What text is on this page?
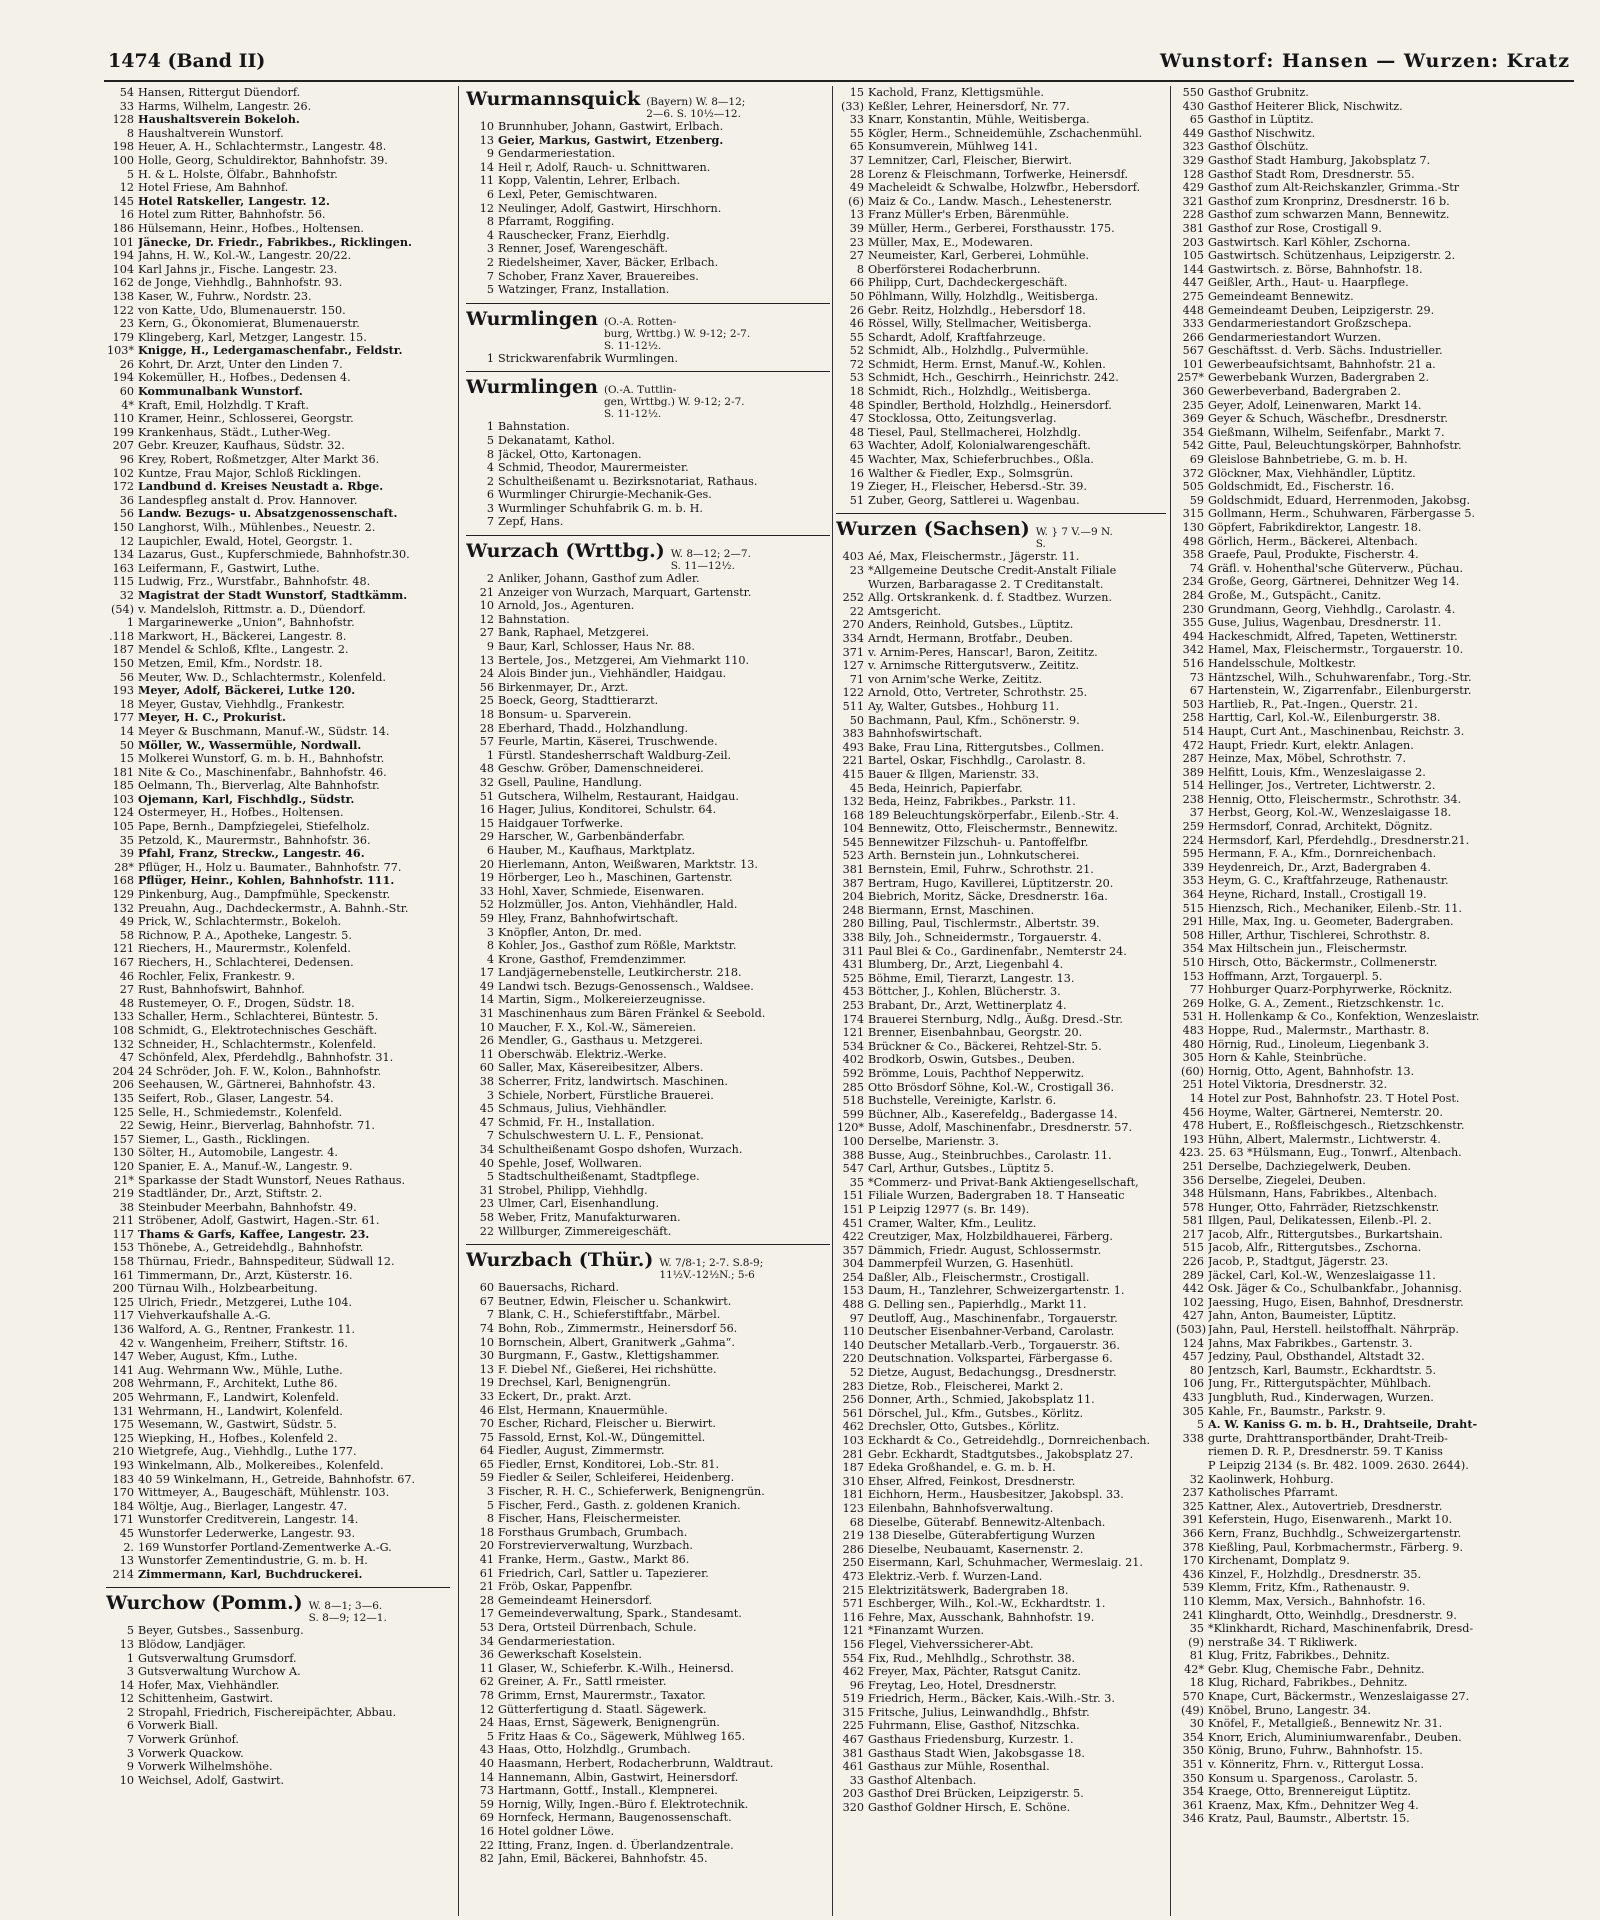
1474 (Band II)	Wunstorf: Hansen — Wurzen: Kratz
54 Hansen, Rittergut Düendorf.
33 Harms, Wilhelm, Langestr. 26.
128 Haushaltsverein Bokeloh.
8 Haushaltverein Wunstorf.
198 Heuer, A. H., Schlachtermstr., Langestr. 48.
100 Holle, Georg, Schuldirektor, Bahnhofstr. 39.
5 H. & L. Holste, Ölfabr., Bahnhofstr.
12 Hotel Friese, Am Bahnhof.
145 Hotel Ratskeller, Langestr. 12.
16 Hotel zum Ritter, Bahnhofstr. 56.
186 Hülsemann, Heinr., Hofbes., Holtensen.
101 Jänecke, Dr. Friedr., Fabrikbes., Ricklingen.
194 Jahns, H. W., Kol.-W., Langestr. 20/22.
104 Karl Jahns jr., Fische. Langestr. 23.
162 de Jonge, Viehhdlg., Bahnhofstr. 93.
138 Kaser, W., Fuhrw., Nordstr. 23.
122 von Katte, Udo, Blumenauerstr. 150.
23 Kern, G., Ökonomierat, Blumenauerstr.
179 Klingeberg, Karl, Metzger, Langestr. 15.
103* Knigge, H., Ledergamaschenfabr., Feldstr.
26 Kohrt, Dr. Arzt, Unter den Linden 7.
194 Kokemüller, H., Hofbes., Dedensen 4.
60 Kommunalbank Wunstorf.
4* Kraft, Emil, Holzhdlg. T Kraft.
110 Kramer, Heinr., Schlosserei, Georgstr.
199 Krankenhaus, Städt., Luther-Weg.
207 Gebr. Kreuzer, Kaufhaus, Südstr. 32.
96 Krey, Robert, Roßmetzger, Alter Markt 36.
102 Kuntze, Frau Major, Schloß Ricklingen.
172 Landbund d. Kreises Neustadt a. Rbge.
36 Landespfleg anstalt d. Prov. Hannover.
56 Landw. Bezugs- u. Absatzgenossenschaft.
150 Langhorst, Wilh., Mühlenbes., Neuestr. 2.
12 Laupichler, Ewald, Hotel, Georgstr. 1.
134 Lazarus, Gust., Kupferschmiede, Bahnhofstr.30.
163 Leifermann, F., Gastwirt, Luthe.
115 Ludwig, Frz., Wurstfabr., Bahnhofstr. 48.
32 Magistrat der Stadt Wunstorf, Stadtkämm.
(54) v. Mandelsloh, Rittmstr. a. D., Düendorf.
1 Margarinewerke „Union“, Bahnhofstr.
.118 Markwort, H., Bäckerei, Langestr. 8.
187 Mendel & Schloß, Kflte., Langestr. 2.
150 Metzen, Emil, Kfm., Nordstr. 18.
56 Meuter, Ww. D., Schlachtermstr., Kolenfeld.
193 Meyer, Adolf, Bäckerei, Lutke 120.
18 Meyer, Gustav, Viehhdlg., Frankestr.
177 Meyer, H. C., Prokurist.
14 Meyer & Buschmann, Manuf.-W., Südstr. 14.
50 Möller, W., Wassermühle, Nordwall.
15 Molkerei Wunstorf, G. m. b. H., Bahnhofstr.
181 Nite & Co., Maschinenfabr., Bahnhofstr. 46.
185 Oelmann, Th., Bierverlag, Alte Bahnhofstr.
103 Ojemann, Karl, Fischhdlg., Südstr.
124 Ostermeyer, H., Hofbes., Holtensen.
105 Pape, Bernh., Dampfziegelei, Stiefelholz.
35 Petzold, K., Maurermstr., Bahnhofstr. 36.
39 Pfahl, Franz, Streckw., Langestr. 46.
28* Pflüger, H., Holz u. Baumater., Bahnhofstr. 77.
168 Pflüger, Heinr., Kohlen, Bahnhofstr. 111.
129 Pinkenburg, Aug., Dampfmühle, Speckenstr.
132 Preuahn, Aug., Dachdeckermstr., A. Bahnh.-Str.
49 Prick, W., Schlachtermstr., Bokeloh.
58 Richnow, P. A., Apotheke, Langestr. 5.
121 Riechers, H., Maurermstr., Kolenfeld.
167 Riechers, H., Schlachterei, Dedensen.
46 Rochler, Felix, Frankestr. 9.
27 Rust, Bahnhofswirt, Bahnhof.
48 Rustemeyer, O. F., Drogen, Südstr. 18.
133 Schaller, Herm., Schlachterei, Büntestr. 5.
108 Schmidt, G., Elektrotechnisches Geschäft.
132 Schneider, H., Schlachtermstr., Kolenfeld.
47 Schönfeld, Alex, Pferdehdlg., Bahnhofstr. 31.
204 24 Schröder, Joh. F. W., Kolon., Bahnhofstr.
206 Seehausen, W., Gärtnerei, Bahnhofstr. 43.
135 Seifert, Rob., Glaser, Langestr. 54.
125 Selle, H., Schmiedemstr., Kolenfeld.
22 Sewig, Heinr., Bierverlag, Bahnhofstr. 71.
157 Siemer, L., Gasth., Ricklingen.
130 Sölter, H., Automobile, Langestr. 4.
120 Spanier, E. A., Manuf.-W., Langestr. 9.
21* Sparkasse der Stadt Wunstorf, Neues Rathaus.
219 Stadtländer, Dr., Arzt, Stiftstr. 2.
38 Steinbuder Meerbahn, Bahnhofstr. 49.
211 Ströbener, Adolf, Gastwirt, Hagen.-Str. 61.
117 Thams & Garfs, Kaffee, Langestr. 23.
153 Thönebe, A., Getreidehdlg., Bahnhofstr.
158 Thürnau, Friedr., Bahnspediteur, Südwall 12.
161 Timmermann, Dr., Arzt, Küsterstr. 16.
200 Türnau Wilh., Holzbearbeitung.
125 Ulrich, Friedr., Metzgerei, Luthe 104.
117 Viehverkaufshalle A.-G.
136 Walford, A. G., Rentner, Frankestr. 11.
42 v. Wangenheim, Freiherr, Stiftstr. 16.
147 Weber, August, Kfm., Luthe.
141 Aug. Wehrmann Ww., Mühle, Luthe.
208 Wehrmann, F., Architekt, Luthe 86.
205 Wehrmann, F., Landwirt, Kolenfeld.
131 Wehrmann, H., Landwirt, Kolenfeld.
175 Wesemann, W., Gastwirt, Südstr. 5.
125 Wiepking, H., Hofbes., Kolenfeld 2.
210 Wietgrefe, Aug., Viehhdlg., Luthe 177.
193 Winkelmann, Alb., Molkereibes., Kolenfeld.
183 40 59 Winkelmann, H., Getreide, Bahnhofstr. 67.
170 Wittmeyer, A., Baugeschäft, Mühlenstr. 103.
184 Wöltje, Aug., Bierlager, Langestr. 47.
171 Wunstorfer Creditverein, Langestr. 14.
45 Wunstorfer Lederwerke, Langestr. 93.
2. 169 Wunstorfer Portland-Zementwerke A.-G.
13 Wunstorfer Zementindustrie, G. m. b. H.
214 Zimmermann, Karl, Buchdruckerei.
Wurchow (Pomm.) W. 8—1; 3—6.
S. 8—9; 12—1.
5 Beyer, Gutsbes., Sassenburg.
13 Blödow, Landjäger.
1 Gutsverwaltung Grumsdorf.
3 Gutsverwaltung Wurchow A.
14 Hofer, Max, Viehhändler.
12 Schittenheim, Gastwirt.
2 Stropahl, Friedrich, Fischereipächter, Abbau.
6 Vorwerk Biall.
7 Vorwerk Grünhof.
3 Vorwerk Quackow.
9 Vorwerk Wilhelmshöhe.
10 Weichsel, Adolf, Gastwirt.
Wurmannsquick (Bayern) W. 8—12;
2—6. S. 10½—12.
10 Brunnhuber, Johann, Gastwirt, Erlbach.
13 Geier, Markus, Gastwirt, Etzenberg.
9 Gendarmeriestation.
14 Heil r, Adolf, Rauch- u. Schnittwaren.
11 Kopp, Valentin, Lehrer, Erlbach.
6 Lexl, Peter, Gemischtwaren.
12 Neulinger, Adolf, Gastwirt, Hirschhorn.
8 Pfarramt, Roggifing.
4 Rauschecker, Franz, Eierhdlg.
3 Renner, Josef, Warengeschäft.
2 Riedelsheimer, Xaver, Bäcker, Erlbach.
7 Schober, Franz Xaver, Brauereibes.
5 Watzinger, Franz, Installation.
Wurmlingen (O.-A. Rotten-
burg, Wrttbg.) W. 9-12; 2-7.
S. 11-12½.
1 Strickwarenfabrik Wurmlingen.
Wurmlingen (O.-A. Tuttlin-
gen, Wrttbg.) W. 9-12; 2-7.
S. 11-12½.
1 Bahnstation.
5 Dekanatamt, Kathol.
8 Jäckel, Otto, Kartonagen.
4 Schmid, Theodor, Maurermeister.
2 Schultheißenamt u. Bezirksnotariat, Rathaus.
6 Wurmlinger Chirurgie-Mechanik-Ges.
3 Wurmlinger Schuhfabrik G. m. b. H.
7 Zepf, Hans.
Wurzach (Wrttbg.) W. 8—12; 2—7.
S. 11—12½.
2 Anliker, Johann, Gasthof zum Adler.
21 Anzeiger von Wurzach, Marquart, Gartenstr.
10 Arnold, Jos., Agenturen.
12 Bahnstation.
27 Bank, Raphael, Metzgerei.
9 Baur, Karl, Schlosser, Haus Nr. 88.
13 Bertele, Jos., Metzgerei, Am Viehmarkt 110.
24 Alois Binder jun., Viehhändler, Haidgau.
56 Birkenmayer, Dr., Arzt.
25 Boeck, Georg, Stadttierarzt.
18 Bonsum- u. Sparverein.
28 Eberhard, Thadd., Holzhandlung.
57 Feurle, Martin, Käserei, Truschwende.
1 Fürstl. Standesherrschaft Waldburg-Zeil.
48 Geschw. Gröber, Damenschneiderei.
32 Gsell, Pauline, Handlung.
51 Gutschera, Wilhelm, Restaurant, Haidgau.
16 Hager, Julius, Konditorei, Schulstr. 64.
15 Haidgauer Torfwerke.
29 Harscher, W., Garbenbänderfabr.
6 Hauber, M., Kaufhaus, Marktplatz.
20 Hierlemann, Anton, Weißwaren, Marktstr. 13.
19 Hörberger, Leo h., Maschinen, Gartenstr.
33 Hohl, Xaver, Schmiede, Eisenwaren.
52 Holzmüller, Jos. Anton, Viehhändler, Hald.
59 Hley, Franz, Bahnhofwirtschaft.
3 Knöpfler, Anton, Dr. med.
8 Kohler, Jos., Gasthof zum Rößle, Marktstr.
4 Krone, Gasthof, Fremdenzimmer.
17 Landjägernebenstelle, Leutkircherstr. 218.
49 Landwi tsch. Bezugs-Genossensch., Waldsee.
14 Martin, Sigm., Molkereierzeugnisse.
31 Maschinenhaus zum Bären Fränkel & Seebold.
10 Maucher, F. X., Kol.-W., Sämereien.
26 Mendler, G., Gasthaus u. Metzgerei.
11 Oberschwäb. Elektriz.-Werke.
60 Saller, Max, Käsereibesitzer, Albers.
38 Scherrer, Fritz, landwirtsch. Maschinen.
3 Schiele, Norbert, Fürstliche Brauerei.
45 Schmaus, Julius, Viehhändler.
47 Schmid, Fr. H., Installation.
7 Schulschwestern U. L. F., Pensionat.
34 Schultheißenamt Gospo dshofen, Wurzach.
40 Spehle, Josef, Wollwaren.
5 Stadtschultheißenamt, Stadtpflege.
31 Strobel, Philipp, Viehhdlg.
23 Ulmer, Carl, Eisenhandlung.
58 Weber, Fritz, Manufakturwaren.
22 Willburger, Zimmereigeschäft.
Wurzbach (Thür.) W. 7/8-1; 2-7. S.8-9;
11½V.-12½N.; 5-6
60 Bauersachs, Richard.
67 Beutner, Edwin, Fleischer u. Schankwirt.
7 Blank, C. H., Schieferstiftfabr., Märbel.
74 Bohn, Rob., Zimmermstr., Heinersdorf 56.
10 Bornschein, Albert, Granitwerk „Gahma“.
30 Burgmann, F., Gastw., Klettigshammer.
13 F. Diebel Nf., Gießerei, Hei richshütte.
19 Drechsel, Karl, Benignengrün.
33 Eckert, Dr., prakt. Arzt.
46 Elst, Hermann, Knauermühle.
70 Escher, Richard, Fleischer u. Bierwirt.
75 Fassold, Ernst, Kol.-W., Düngemittel.
64 Fiedler, August, Zimmermstr.
65 Fiedler, Ernst, Konditorei, Lob.-Str. 81.
59 Fiedler & Seiler, Schleiferei, Heidenberg.
3 Fischer, R. H. C., Schieferwerk, Benignengrün.
5 Fischer, Ferd., Gasth. z. goldenen Kranich.
8 Fischer, Hans, Fleischermeister.
18 Forsthaus Grumbach, Grumbach.
20 Forstrevierverwaltung, Wurzbach.
41 Franke, Herm., Gastw., Markt 86.
61 Friedrich, Carl, Sattler u. Tapezierer.
21 Fröb, Oskar, Pappenfbr.
28 Gemeindeamt Heinersdorf.
17 Gemeindeverwaltung, Spark., Standesamt.
53 Dera, Ortsteil Dürrenbach, Schule.
34 Gendarmeriestation.
36 Gewerkschaft Koselstein.
11 Glaser, W., Schieferbr. K.-Wilh., Heinersd.
62 Greiner, A. Fr., Sattl rmeister.
78 Grimm, Ernst, Maurermstr., Taxator.
12 Gütterfertigung d. Staatl. Sägewerk.
24 Haas, Ernst, Sägewerk, Benignengrün.
5 Fritz Haas & Co., Sägewerk, Mühlweg 165.
43 Haas, Otto, Holzhdlg., Grumbach.
40 Haasmann, Herbert, Rodacherbrunn, Waldtraut.
14 Hannemann, Albin, Gastwirt, Heinersdorf.
73 Hartmann, Gottf., Install., Klempnerei.
59 Hornig, Willy, Ingen.-Büro f. Elektrotechnik.
69 Hornfeck, Hermann, Baugenossenschaft.
16 Hotel goldner Löwe.
22 Itting, Franz, Ingen. d. Überlandzentrale.
82 Jahn, Emil, Bäckerei, Bahnhofstr. 45.
15 Kachold, Franz, Klettigsmühle.
(33) Keßler, Lehrer, Heinersdorf, Nr. 77.
33 Knarr, Konstantin, Mühle, Weitisberga.
55 Kögler, Herm., Schneidemühle, Zschachenmühl.
65 Konsumverein, Mühlweg 141.
37 Lemnitzer, Carl, Fleischer, Bierwirt.
28 Lorenz & Fleischmann, Torfwerke, Heinersdf.
49 Macheleidt & Schwalbe, Holzwfbr., Hebersdorf.
(6) Maiz & Co., Landw. Masch., Lehestenerstr.
13 Franz Müller's Erben, Bärenmühle.
39 Müller, Herm., Gerberei, Forsthausstr. 175.
23 Müller, Max, E., Modewaren.
27 Neumeister, Karl, Gerberei, Lohmühle.
8 Oberförsterei Rodacherbrunn.
66 Philipp, Curt, Dachdeckergeschäft.
50 Pöhlmann, Willy, Holzhdlg., Weitisberga.
26 Gebr. Reitz, Holzhdlg., Hebersdorf 18.
46 Rössel, Willy, Stellmacher, Weitisberga.
55 Schardt, Adolf, Kraftfahrzeuge.
52 Schmidt, Alb., Holzhdlg., Pulvermühle.
72 Schmidt, Herm. Ernst, Manuf.-W., Kohlen.
53 Schmidt, Hch., Geschirrh., Heinrichstr. 242.
18 Schmidt, Rich., Holzhdlg., Weitisberga.
48 Spindler, Berthold, Holzhdlg., Heinersdorf.
47 Stocklossa, Otto, Zeitungsverlag.
48 Tiesel, Paul, Stellmacherei, Holzhdlg.
63 Wachter, Adolf, Kolonialwarengeschäft.
45 Wachter, Max, Schieferbruchbes., Oßla.
16 Walther & Fiedler, Exp., Solmsgrün.
19 Zieger, H., Fleischer, Hebersd.-Str. 39.
51 Zuber, Georg, Sattlerei u. Wagenbau.
Wurzen (Sachsen) W. } 7 V.—9 N.
S.
403 Aé, Max, Fleischermstr., Jägerstr. 11.
23 *Allgemeine Deutsche Credit-Anstalt Filiale
Wurzen, Barbaragasse 2. T Creditanstalt.
252 Allg. Ortskrankenk. d. f. Stadtbez. Wurzen.
22 Amtsgericht.
270 Anders, Reinhold, Gutsbes., Lüptitz.
334 Arndt, Hermann, Brotfabr., Deuben.
371 v. Arnim-Peres, Hanscar!, Baron, Zeititz.
127 v. Arnimsche Rittergutsverw., Zeititz.
71 von Arnim'sche Werke, Zeititz.
122 Arnold, Otto, Vertreter, Schrothstr. 25.
511 Ay, Walter, Gutsbes., Hohburg 11.
50 Bachmann, Paul, Kfm., Schönerstr. 9.
383 Bahnhofswirtschaft.
493 Bake, Frau Lina, Rittergutsbes., Collmen.
221 Bartel, Oskar, Fischhdlg., Carolastr. 8.
415 Bauer & Illgen, Marienstr. 33.
45 Beda, Heinrich, Papierfabr.
132 Beda, Heinz, Fabrikbes., Parkstr. 11.
168 189 Beleuchtungskörperfabr., Eilenb.-Str. 4.
104 Bennewitz, Otto, Fleischermstr., Bennewitz.
545 Bennewitzer Filzschuh- u. Pantoffelfbr.
523 Arth. Bernstein jun., Lohnkutscherei.
381 Bernstein, Emil, Fuhrw., Schrothstr. 21.
387 Bertram, Hugo, Kavillerei, Lüptitzerstr. 20.
204 Biebrich, Moritz, Säcke, Dresdnerstr. 16a.
248 Biermann, Ernst, Maschinen.
280 Billing, Paul, Tischlermstr., Albertstr. 39.
338 Bily, Joh., Schneidermstr., Torgauerstr. 4.
311 Paul Blei & Co., Gardinenfabr., Nemterstr 24.
431 Blumberg, Dr., Arzt, Liegenbahl 4.
525 Böhme, Emil, Tierarzt, Langestr. 13.
453 Böttcher, J., Kohlen, Blücherstr. 3.
253 Brabant, Dr., Arzt, Wettinerplatz 4.
174 Brauerei Sternburg, Ndlg., Äußg. Dresd.-Str.
121 Brenner, Eisenbahnbau, Georgstr. 20.
534 Brückner & Co., Bäckerei, Rehtzel-Str. 5.
402 Brodkorb, Oswin, Gutsbes., Deuben.
592 Brömme, Louis, Pachthof Nepperwitz.
285 Otto Brösdorf Söhne, Kol.-W., Crostigall 36.
518 Buchstelle, Vereinigte, Karlstr. 6.
599 Büchner, Alb., Kaserefeldg., Badergasse 14.
120* Busse, Adolf, Maschinenfabr., Dresdnerstr. 57.
100 Derselbe, Marienstr. 3.
388 Busse, Aug., Steinbruchbes., Carolastr. 11.
547 Carl, Arthur, Gutsbes., Lüptitz 5.
35 *Commerz- und Privat-Bank Aktiengesellschaft,
151 Filiale Wurzen, Badergraben 18. T Hanseatic
151 P Leipzig 12977 (s. Br. 149).
451 Cramer, Walter, Kfm., Leulitz.
422 Creutziger, Max, Holzbildhauerei, Färberg.
357 Dämmich, Friedr. August, Schlossermstr.
304 Dammerpfeil Wurzen, G. Hasenhütl.
254 Daßler, Alb., Fleischermstr., Crostigall.
153 Daum, H., Tanzlehrer, Schweizergartenstr. 1.
488 G. Delling sen., Papierhdlg., Markt 11.
97 Deutloff, Aug., Maschinenfabr., Torgauerstr.
110 Deutscher Eisenbahner-Verband, Carolastr.
140 Deutscher Metallarb.-Verb., Torgauerstr. 36.
220 Deutschnation. Volkspartei, Färbergasse 6.
52 Dietze, August, Bedachungsg., Dresdnerstr.
283 Dietze, Rob., Fleischerei, Markt 2.
256 Donner, Arth., Schmied, Jakobsplatz 11.
561 Dörschel, Jul., Kfm., Gutsbes., Körlitz.
462 Drechsler, Otto, Gutsbes., Körlitz.
103 Eckhardt & Co., Getreidehdlg., Dornreichenbach.
281 Gebr. Eckhardt, Stadtgutsbes., Jakobsplatz 27.
187 Edeka Großhandel, e. G. m. b. H.
310 Ehser, Alfred, Feinkost, Dresdnerstr.
181 Eichhorn, Herm., Hausbesitzer, Jakobspl. 33.
123 Eilenbahn, Bahnhofsverwaltung.
68 Dieselbe, Güterabf. Bennewitz-Altenbach.
219 138 Dieselbe, Güterabfertigung Wurzen
286 Dieselbe, Neubauamt, Kasernenstr. 2.
250 Eisermann, Karl, Schuhmacher, Wermeslaig. 21.
473 Elektriz.-Verb. f. Wurzen-Land.
215 Elektrizitätswerk, Badergraben 18.
571 Eschberger, Wilh., Kol.-W., Eckhardtstr. 1.
116 Fehre, Max, Ausschank, Bahnhofstr. 19.
121 *Finanzamt Wurzen.
156 Flegel, Viehverssicherer-Abt.
554 Fix, Rud., Mehlhdlg., Schrothstr. 38.
462 Freyer, Max, Pächter, Ratsgut Canitz.
96 Freytag, Leo, Hotel, Dresdnerstr.
519 Friedrich, Herm., Bäcker, Kais.-Wilh.-Str. 3.
315 Fritsche, Julius, Leinwandhdlg., Bhfstr.
225 Fuhrmann, Elise, Gasthof, Nitzschka.
467 Gasthaus Friedensburg, Kurzestr. 1.
381 Gasthaus Stadt Wien, Jakobsgasse 18.
461 Gasthaus zur Mühle, Rosenthal.
33 Gasthof Altenbach.
203 Gasthof Drei Brücken, Leipzigerstr. 5.
320 Gasthof Goldner Hirsch, E. Schöne.
550 Gasthof Grubnitz.
430 Gasthof Heiterer Blick, Nischwitz.
65 Gasthof in Lüptitz.
449 Gasthof Nischwitz.
323 Gasthof Ölschütz.
329 Gasthof Stadt Hamburg, Jakobsplatz 7.
128 Gasthof Stadt Rom, Dresdnerstr. 55.
429 Gasthof zum Alt-Reichskanzler, Grimma.-Str
321 Gasthof zum Kronprinz, Dresdnerstr. 16 b.
228 Gasthof zum schwarzen Mann, Bennewitz.
381 Gasthof zur Rose, Crostigall 9.
203 Gastwirtsch. Karl Köhler, Zschorna.
105 Gastwirtsch. Schützenhaus, Leipzigerstr. 2.
144 Gastwirtsch. z. Börse, Bahnhofstr. 18.
447 Geißler, Arth., Haut- u. Haarpflege.
275 Gemeindeamt Bennewitz.
448 Gemeindeamt Deuben, Leipzigerstr. 29.
333 Gendarmeriestandort Großzschepa.
266 Gendarmeriestandort Wurzen.
567 Geschäftsst. d. Verb. Sächs. Industrieller.
101 Gewerbeaufsichtsamt, Bahnhofstr. 21 a.
257* Gewerbebank Wurzen, Badergraben 2.
360 Gewerbeverband, Badergraben 2.
235 Geyer, Adolf, Leinenwaren, Markt 14.
369 Geyer & Schuch, Wäschefbr., Dresdnerstr.
354 Gießmann, Wilhelm, Seifenfabr., Markt 7.
542 Gitte, Paul, Beleuchtungskörper, Bahnhofstr.
69 Gleislose Bahnbetriebe, G. m. b. H.
372 Glöckner, Max, Viehhändler, Lüptitz.
505 Goldschmidt, Ed., Fischerstr. 16.
59 Goldschmidt, Eduard, Herrenmoden, Jakobsg.
315 Gollmann, Herm., Schuhwaren, Färbergasse 5.
130 Göpfert, Fabrikdirektor, Langestr. 18.
498 Görlich, Herm., Bäckerei, Altenbach.
358 Graefe, Paul, Produkte, Fischerstr. 4.
74 Gräfl. v. Hohenthal'sche Güterverw., Püchau.
234 Große, Georg, Gärtnerei, Dehnitzer Weg 14.
284 Große, M., Gutspächt., Canitz.
230 Grundmann, Georg, Viehhdlg., Carolastr. 4.
355 Guse, Julius, Wagenbau, Dresdnerstr. 11.
494 Hackeschmidt, Alfred, Tapeten, Wettinerstr.
342 Hamel, Max, Fleischermstr., Torgauerstr. 10.
516 Handelsschule, Moltkestr.
73 Häntzschel, Wilh., Schuhwarenfabr., Torg.-Str.
67 Hartenstein, W., Zigarrenfabr., Eilenburgerstr.
503 Hartlieb, R., Pat.-Ingen., Querstr. 21.
258 Harttig, Carl, Kol.-W., Eilenburgerstr. 38.
514 Haupt, Curt Ant., Maschinenbau, Reichstr. 3.
472 Haupt, Friedr. Kurt, elektr. Anlagen.
287 Heinze, Max, Möbel, Schrothstr. 7.
389 Helfitt, Louis, Kfm., Wenzeslaigasse 2.
514 Hellinger, Jos., Vertreter, Lichtwerstr. 2.
238 Hennig, Otto, Fleischermstr., Schrothstr. 34.
37 Herbst, Georg, Kol.-W., Wenzeslaigasse 18.
259 Hermsdorf, Conrad, Architekt, Dögnitz.
224 Hermsdorf, Karl, Pferdehdlg., Dresdnerstr.21.
595 Hermann, F. A., Kfm., Dornreichenbach.
339 Heydenreich, Dr., Arzt, Badergraben 4.
353 Heym, G. C., Kraftfahrzeuge, Rathenaustr.
364 Heyne, Richard, Install., Crostigall 19.
515 Hienzsch, Rich., Mechaniker, Eilenb.-Str. 11.
291 Hille, Max, Ing. u. Geometer, Badergraben.
508 Hiller, Arthur, Tischlerei, Schrothstr. 8.
354 Max Hiltschein jun., Fleischermstr.
510 Hirsch, Otto, Bäckermstr., Collmenerstr.
153 Hoffmann, Arzt, Torgauerpl. 5.
77 Hohburger Quarz-Porphyrwerke, Röcknitz.
269 Holke, G. A., Zement., Rietzschkenstr. 1c.
531 H. Hollenkamp & Co., Konfektion, Wenzeslaistr.
483 Hoppe, Rud., Malermstr., Marthastr. 8.
480 Hörnig, Rud., Linoleum, Liegenbank 3.
305 Horn & Kahle, Steinbrüche.
(60) Hornig, Otto, Agent, Bahnhofstr. 13.
251 Hotel Viktoria, Dresdnerstr. 32.
14 Hotel zur Post, Bahnhofstr. 23. T Hotel Post.
456 Hoyme, Walter, Gärtnerei, Nemterstr. 20.
478 Hubert, E., Roßfleischgesch., Rietzschkenstr.
193 Hühn, Albert, Malermstr., Lichtwerstr. 4.
423. 25. 63 *Hülsmann, Eug., Tonwrf., Altenbach.
251 Derselbe, Dachziegelwerk, Deuben.
356 Derselbe, Ziegelei, Deuben.
348 Hülsmann, Hans, Fabrikbes., Altenbach.
578 Hunger, Otto, Fahrräder, Rietzschkenstr.
581 Illgen, Paul, Delikatessen, Eilenb.-Pl. 2.
217 Jacob, Alfr., Rittergutsbes., Burkartshain.
515 Jacob, Alfr., Rittergutsbes., Zschorna.
226 Jacob, P., Stadtgut, Jägerstr. 23.
289 Jäckel, Carl, Kol.-W., Wenzeslaigasse 11.
442 Osk. Jäger & Co., Schulbankfabr., Johannisg.
102 Jaessing, Hugo, Eisen, Bahnhof, Dresdnerstr.
427 Jahn, Anton, Baumeister, Lüptitz.
(503) Jahn, Paul, Herstell. heilstoffhalt. Nährpräp.
124 Jahns, Max Fabrikbes., Gartenstr. 3.
457 Jedziny, Paul, Obsthandel, Altstadt 32.
80 Jentzsch, Karl, Baumstr., Eckhardtstr. 5.
106 Jung, Fr., Rittergutspächter, Mühlbach.
433 Jungbluth, Rud., Kinderwagen, Wurzen.
305 Kahle, Fr., Baumstr., Parkstr. 9.
5 A. W. Kaniss G. m. b. H., Drahtseile, Draht-
338 gurte, Drahttransportbänder, Draht-Treib-
riemen D. R. P., Dresdnerstr. 59. T Kaniss
P Leipzig 2134 (s. Br. 482. 1009. 2630. 2644).
32 Kaolinwerk, Hohburg.
237 Katholisches Pfarramt.
325 Kattner, Alex., Autovertrieb, Dresdnerstr.
391 Keferstein, Hugo, Eisenwarenh., Markt 10.
366 Kern, Franz, Buchhdlg., Schweizergartenstr.
378 Kießling, Paul, Korbmachermstr., Färberg. 9.
170 Kirchenamt, Domplatz 9.
436 Kinzel, F., Holzhdlg., Dresdnerstr. 35.
539 Klemm, Fritz, Kfm., Rathenaustr. 9.
110 Klemm, Max, Versich., Bahnhofstr. 16.
241 Klinghardt, Otto, Weinhdlg., Dresdnerstr. 9.
35 *Klinkhardt, Richard, Maschinenfabrik, Dresd-
(9) nerstraße 34. T Rikliwerk.
81 Klug, Fritz, Fabrikbes., Dehnitz.
42* Gebr. Klug, Chemische Fabr., Dehnitz.
18 Klug, Richard, Fabrikbes., Dehnitz.
570 Knape, Curt, Bäckermstr., Wenzeslaigasse 27.
(49) Knöbel, Bruno, Langestr. 34.
30 Knöfel, F., Metallgieß., Bennewitz Nr. 31.
354 Knorr, Erich, Aluminiumwarenfabr., Deuben.
350 König, Bruno, Fuhrw., Bahnhofstr. 15.
351 v. Könneritz, Fhrn. v., Rittergut Lossa.
350 Konsum u. Spargenoss., Carolastr. 5.
354 Kraege, Otto, Brennereigut Lüptitz.
361 Kraenz, Max, Kfm., Dehnitzer Weg 4.
346 Kratz, Paul, Baumstr., Albertstr. 15.
